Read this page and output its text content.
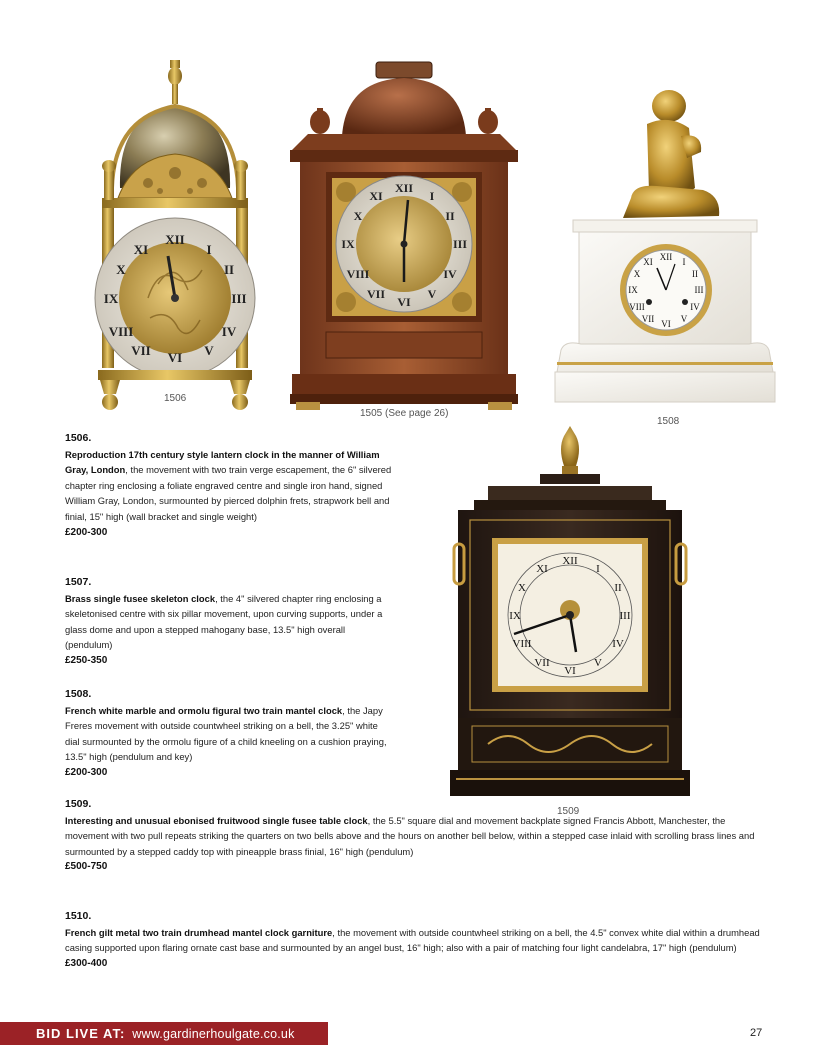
XII
VI
III
IX
I
II
IV
V
VII
VIII
X
XI
1506
XII
VI
III
IX
I
II
IV
V
VII
VIII
X
XI
1505 (See page 26)
XII
VI
III
IX
I
II
IV
V
VII
VIII
X
XI
1508
XII
VI
III
IX
I
II
IV
V
VII
VIII
X
XI
1509
1506.
Reproduction 17th century style lantern clock in the manner of William Gray, London, the movement with two train verge escapement, the 6" silvered chapter ring enclosing a foliate engraved centre and single iron hand, signed William Gray, London, surmounted by pierced dolphin frets, strapwork bell and finial, 15" high (wall bracket and single weight)
£200-300
1507.
Brass single fusee skeleton clock, the 4" silvered chapter ring enclosing a skeletonised centre with six pillar movement, upon curving supports, under a glass dome and upon a stepped mahogany base, 13.5" high overall (pendulum)
£250-350
1508.
French white marble and ormolu figural two train mantel clock, the Japy Freres movement with outside countwheel striking on a bell, the 3.25" white dial surmounted by the ormolu figure of a child kneeling on a cushion praying, 13.5" high (pendulum and key)
£200-300
1509.
Interesting and unusual ebonised fruitwood single fusee table clock, the 5.5" square dial and movement backplate signed Francis Abbott, Manchester, the movement with two pull repeats striking the quarters on two bells above and the hours on another bell below, within a stepped case inlaid with scrolling brass lines and surmounted by a stepped caddy top with pineapple brass finial, 16" high (pendulum)
£500-750
1510.
French gilt metal two train drumhead mantel clock garniture, the movement with outside countwheel striking on a bell, the 4.5" convex white dial within a drumhead casing supported upon flaring ornate cast base and surmounted by an angel bust, 16" high; also with a pair of matching four light candelabra, 17" high (pendulum)
£300-400
BID LIVE AT: www.gardinerhoulgate.co.uk	27
